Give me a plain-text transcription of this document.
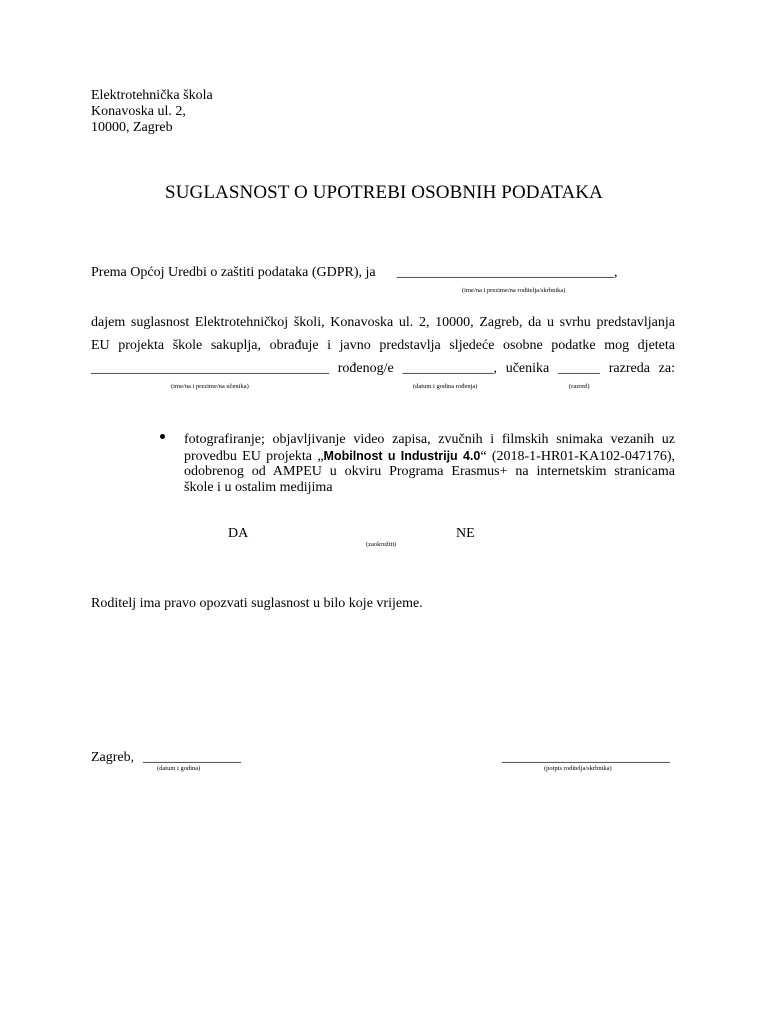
Elektrotehnička škola
Konavoska ul. 2,
10000, Zagreb
SUGLASNOST O UPOTREBI OSOBNIH PODATAKA
Prema Općoj Uredbi o zaštiti podataka (GDPR), ja _______________________________,
(ime/na i prezime/na roditelja/skrbnika)
dajem suglasnost Elektrotehničkoj školi, Konavoska ul. 2, 10000, Zagreb, da u svrhu predstavljanja
EU projekta škole sakuplja, obrađuje i javno predstavlja sljedeće osobne podatke mog djeteta
__________________________________ rođenog/e _____________, učenika ______ razreda za:
(ime/na i prezime/na učenika)	(datum i godina rođenja)	(razred)
fotografiranje; objavljivanje video zapisa, zvučnih i filmskih snimaka vezanih uz
provedbu EU projekta „Mobilnost u Industriju 4.0“ (2018-1-HR01-KA102-047176),
odobrenog od AMPEU u okviru Programa Erasmus+ na internetskim stranicama
škole i u ostalim medijima
DA	NE
(zaokružiti)
Roditelj ima pravo opozvati suglasnost u bilo koje vrijeme.
Zagreb, ______________
(datum i godina)
________________________
(potpis roditelja/skrbnika)
